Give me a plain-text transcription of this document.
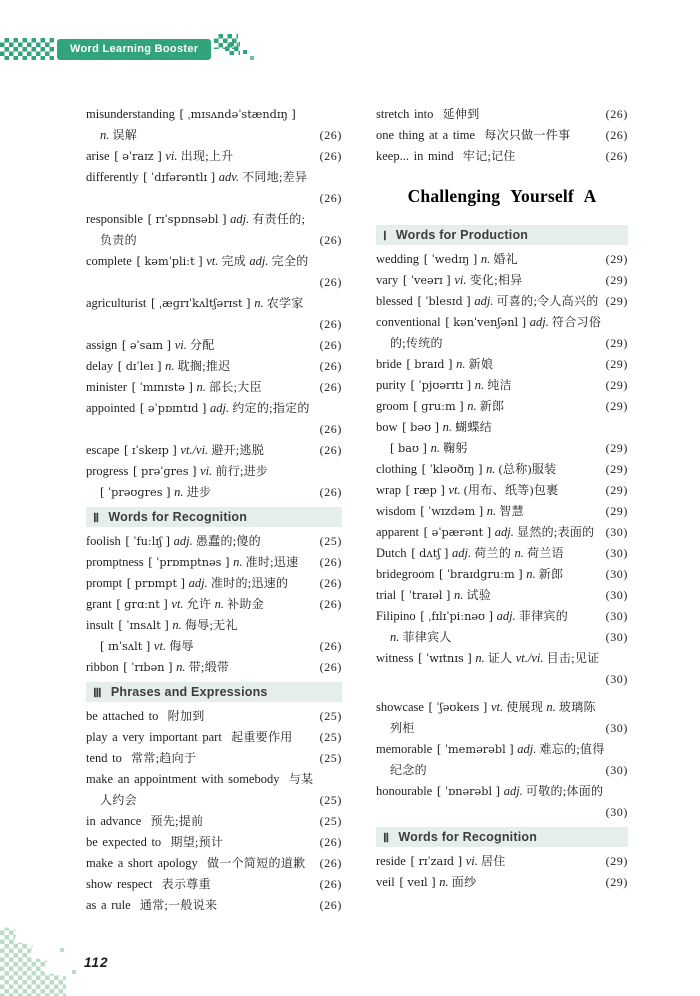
Word Learning Booster
misunderstanding [ ˌmɪsʌndəˈstændɪŋ ]
n. 误解	(26)
arise [ əˈraɪz ] vi. 出现;上升	(26)
differently [ ˈdɪfərəntlɪ ] adv. 不同地;差异
(26)
responsible [ rɪˈspɒnsəbl ] adj. 有责任的;
负责的	(26)
complete [ kəmˈpliːt ] vt. 完成 adj. 完全的
(26)
agriculturist [ ˌæɡrɪˈkʌltʃərɪst ] n. 农学家
(26)
assign [ əˈsaɪn ] vi. 分配	(26)
delay [ dɪˈleɪ ] n. 耽搁;推迟	(26)
minister [ ˈmɪnɪstə ] n. 部长;大臣	(26)
appointed [ əˈpɒɪntɪd ] adj. 约定的;指定的
(26)
escape [ ɪˈskeɪp ] vt./vi. 避开;逃脱	(26)
progress [ prəˈɡres ] vi. 前行;进步
[ ˈprəʊɡres ] n. 进步	(26)
Ⅱ Words for Recognition
foolish [ ˈfuːlɪʃ ] adj. 愚蠢的;傻的	(25)
promptness [ ˈprɒmptnəs ] n. 准时;迅速 (26)
prompt [ prɒmpt ] adj. 准时的;迅速的	(26)
grant [ ɡrɑːnt ] vt. 允许 n. 补助金	(26)
insult [ ˈɪnsʌlt ] n. 侮辱;无礼
[ ɪnˈsʌlt ] vt. 侮辱	(26)
ribbon [ ˈrɪbən ] n. 带;缎带	(26)
Ⅲ Phrases and Expressions
be attached to  附加到	(25)
play a very important part  起重要作用 (25)
tend to  常常;趋向于	(25)
make an appointment with somebody  与某
人约会	(25)
in advance  预先;提前	(25)
be expected to  期望;预计	(26)
make a short apology  做一个简短的道歉 (26)
show respect  表示尊重	(26)
as a rule  通常;一般说来	(26)
stretch into  延伸到	(26)
one thing at a time  每次只做一件事	(26)
keep... in mind  牢记;记住	(26)
Challenging Yourself A
Ⅰ Words for Production
wedding [ ˈwedɪŋ ] n. 婚礼	(29)
vary [ ˈveərɪ ] vi. 变化;相异	(29)
blessed [ ˈblesɪd ] adj. 可喜的;令人高兴的 (29)
conventional [ kənˈvenʃənl ] adj. 符合习俗
的;传统的	(29)
bride [ braɪd ] n. 新娘	(29)
purity [ ˈpjʊərɪtɪ ] n. 纯洁	(29)
groom [ ɡruːm ] n. 新郎	(29)
bow [ bəʊ ] n. 蝴蝶结
[ baʊ ] n. 鞠躬	(29)
clothing [ ˈkləʊðɪŋ ] n. (总称)服装	(29)
wrap [ ræp ] vt. (用布、纸等)包裹	(29)
wisdom [ ˈwɪzdəm ] n. 智慧	(29)
apparent [ əˈpærənt ] adj. 显然的;表面的 (30)
Dutch [ dʌtʃ ] adj. 荷兰的 n. 荷兰语	(30)
bridegroom [ ˈbraɪdɡruːm ] n. 新郎	(30)
trial [ ˈtraɪəl ] n. 试验	(30)
Filipino [ ˌfɪlɪˈpiːnəʊ ] adj. 菲律宾的	(30)
n. 菲律宾人	(30)
witness [ ˈwɪtnɪs ] n. 证人 vt./vi. 目击;见证
(30)
showcase [ ˈʃəʊkeɪs ] vt. 使展现 n. 玻璃陈
列柜	(30)
memorable [ ˈmemərəbl ] adj. 难忘的;值得
纪念的	(30)
honourable [ ˈɒnərəbl ] adj. 可敬的;体面的
(30)
Ⅱ Words for Recognition
reside [ rɪˈzaɪd ] vi. 居住	(29)
veil [ veɪl ] n. 面纱	(29)
112
